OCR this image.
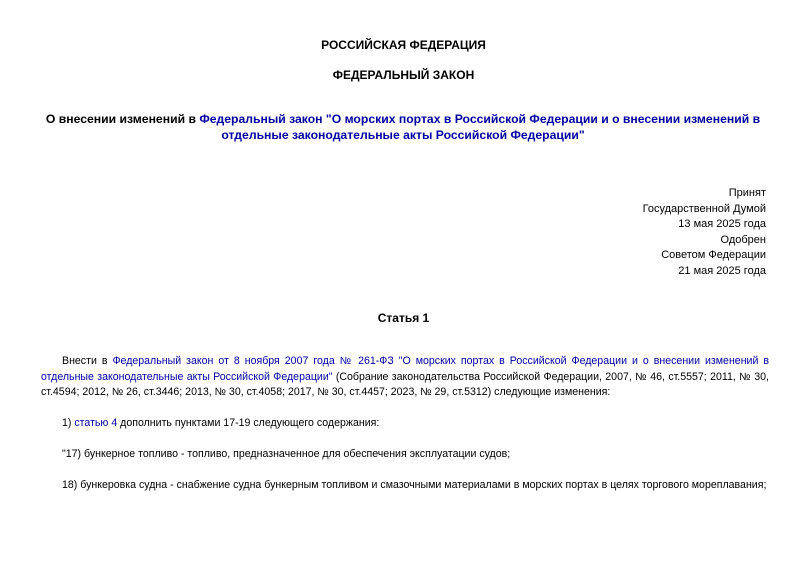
РОССИЙСКАЯ ФЕДЕРАЦИЯ
ФЕДЕРАЛЬНЫЙ ЗАКОН
О внесении изменений в Федеральный закон "О морских портах в Российской Федерации и о внесении изменений в отдельные законодательные акты Российской Федерации"
Принят
Государственной Думой
13 мая 2025 года
Одобрен
Советом Федерации
21 мая 2025 года
Статья 1
Внести в Федеральный закон от 8 ноября 2007 года № 261-ФЗ "О морских портах в Российской Федерации и о внесении изменений в отдельные законодательные акты Российской Федерации" (Собрание законодательства Российской Федерации, 2007, № 46, ст.5557; 2011, № 30, ст.4594; 2012, № 26, ст.3446; 2013, № 30, ст.4058; 2017, № 30, ст.4457; 2023, № 29, ст.5312) следующие изменения:
1) статью 4 дополнить пунктами 17-19 следующего содержания:
"17) бункерное топливо - топливо, предназначенное для обеспечения эксплуатации судов;
18) бункеровка судна - снабжение судна бункерным топливом и смазочными материалами в морских портах в целях торгового мореплавания;
